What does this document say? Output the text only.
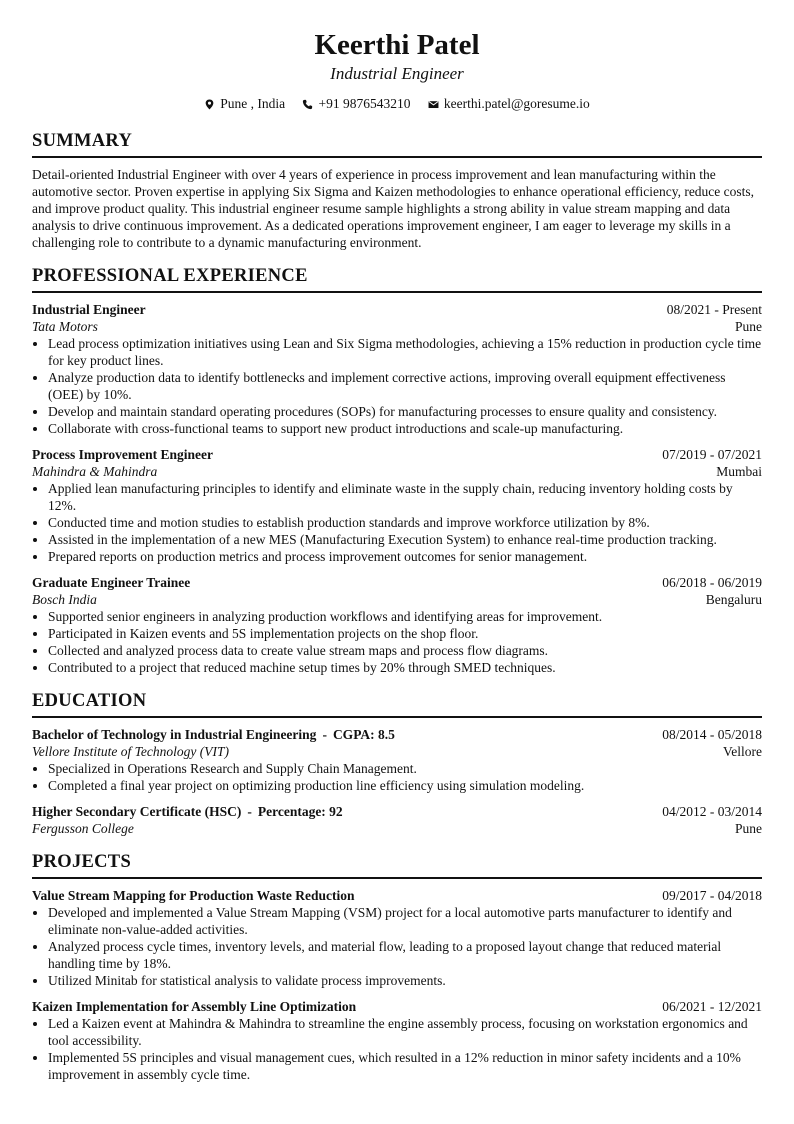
Keerthi Patel
Industrial Engineer
Pune , India
+91 9876543210
keerthi.patel@goresume.io
SUMMARY
Detail-oriented Industrial Engineer with over 4 years of experience in process improvement and lean manufacturing within the automotive sector. Proven expertise in applying Six Sigma and Kaizen methodologies to enhance operational efficiency, reduce costs, and improve product quality. This industrial engineer resume sample highlights a strong ability in value stream mapping and data analysis to drive continuous improvement. As a dedicated operations improvement engineer, I am eager to leverage my skills in a challenging role to contribute to a dynamic manufacturing environment.
PROFESSIONAL EXPERIENCE
Industrial Engineer	08/2021 - Present
Tata Motors	Pune
• Lead process optimization initiatives using Lean and Six Sigma methodologies, achieving a 15% reduction in production cycle time for key product lines.
• Analyze production data to identify bottlenecks and implement corrective actions, improving overall equipment effectiveness (OEE) by 10%.
• Develop and maintain standard operating procedures (SOPs) for manufacturing processes to ensure quality and consistency.
• Collaborate with cross-functional teams to support new product introductions and scale-up manufacturing.
Process Improvement Engineer	07/2019 - 07/2021
Mahindra & Mahindra	Mumbai
• Applied lean manufacturing principles to identify and eliminate waste in the supply chain, reducing inventory holding costs by 12%.
• Conducted time and motion studies to establish production standards and improve workforce utilization by 8%.
• Assisted in the implementation of a new MES (Manufacturing Execution System) to enhance real-time production tracking.
• Prepared reports on production metrics and process improvement outcomes for senior management.
Graduate Engineer Trainee	06/2018 - 06/2019
Bosch India	Bengaluru
• Supported senior engineers in analyzing production workflows and identifying areas for improvement.
• Participated in Kaizen events and 5S implementation projects on the shop floor.
• Collected and analyzed process data to create value stream maps and process flow diagrams.
• Contributed to a project that reduced machine setup times by 20% through SMED techniques.
EDUCATION
Bachelor of Technology in Industrial Engineering - CGPA: 8.5	08/2014 - 05/2018
Vellore Institute of Technology (VIT)	Vellore
• Specialized in Operations Research and Supply Chain Management.
• Completed a final year project on optimizing production line efficiency using simulation modeling.
Higher Secondary Certificate (HSC) - Percentage: 92	04/2012 - 03/2014
Fergusson College	Pune
PROJECTS
Value Stream Mapping for Production Waste Reduction	09/2017 - 04/2018
• Developed and implemented a Value Stream Mapping (VSM) project for a local automotive parts manufacturer to identify and eliminate non-value-added activities.
• Analyzed process cycle times, inventory levels, and material flow, leading to a proposed layout change that reduced material handling time by 18%.
• Utilized Minitab for statistical analysis to validate process improvements.
Kaizen Implementation for Assembly Line Optimization	06/2021 - 12/2021
• Led a Kaizen event at Mahindra & Mahindra to streamline the engine assembly process, focusing on workstation ergonomics and tool accessibility.
• Implemented 5S principles and visual management cues, which resulted in a 12% reduction in minor safety incidents and a 10% improvement in assembly cycle time.
